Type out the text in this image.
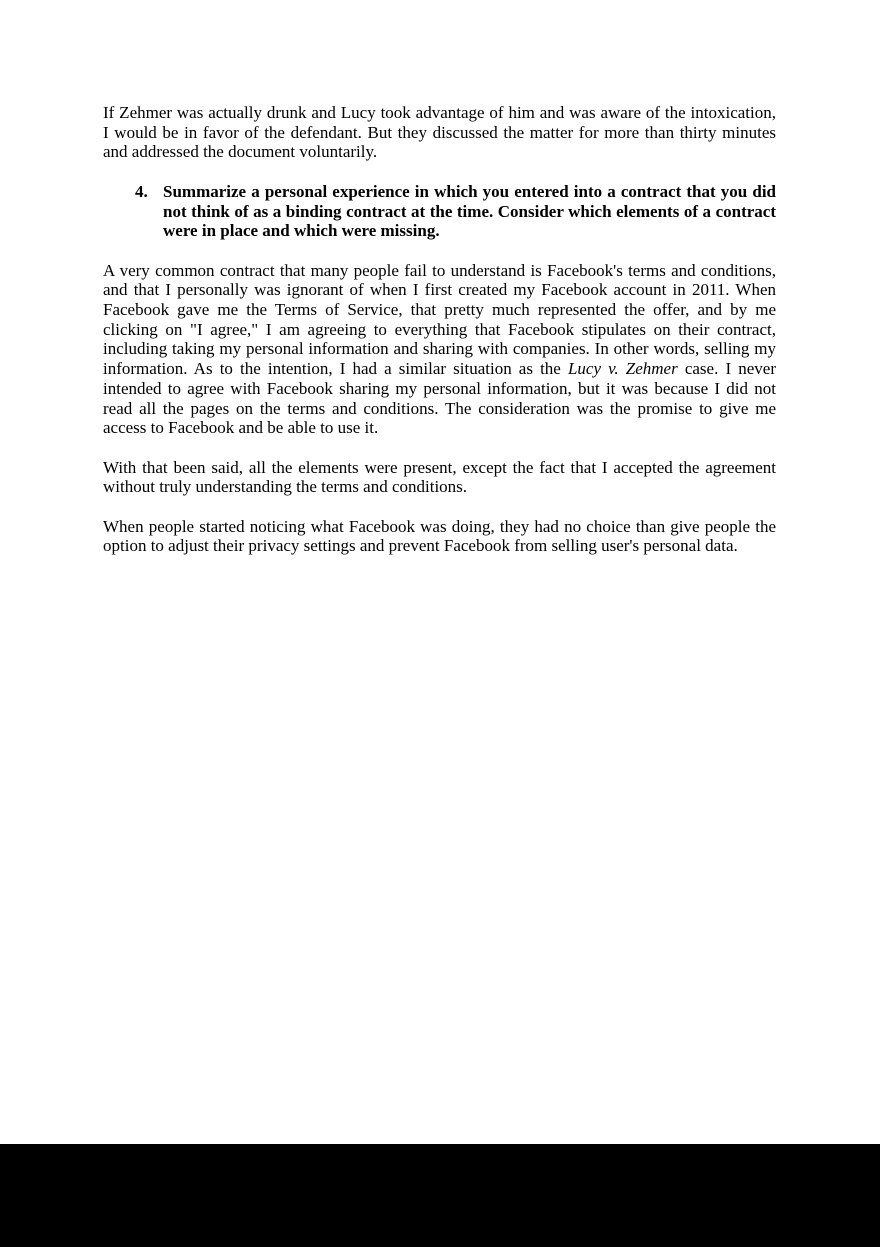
If Zehmer was actually drunk and Lucy took advantage of him and was aware of the intoxication, I would be in favor of the defendant. But they discussed the matter for more than thirty minutes and addressed the document voluntarily.

4. Summarize a personal experience in which you entered into a contract that you did not think of as a binding contract at the time. Consider which elements of a contract were in place and which were missing.

A very common contract that many people fail to understand is Facebook's terms and conditions, and that I personally was ignorant of when I first created my Facebook account in 2011. When Facebook gave me the Terms of Service, that pretty much represented the offer, and by me clicking on "I agree," I am agreeing to everything that Facebook stipulates on their contract, including taking my personal information and sharing with companies. In other words, selling my information. As to the intention, I had a similar situation as the Lucy v. Zehmer case. I never intended to agree with Facebook sharing my personal information, but it was because I did not read all the pages on the terms and conditions. The consideration was the promise to give me access to Facebook and be able to use it.

With that been said, all the elements were present, except the fact that I accepted the agreement without truly understanding the terms and conditions.

When people started noticing what Facebook was doing, they had no choice than give people the option to adjust their privacy settings and prevent Facebook from selling user's personal data.
